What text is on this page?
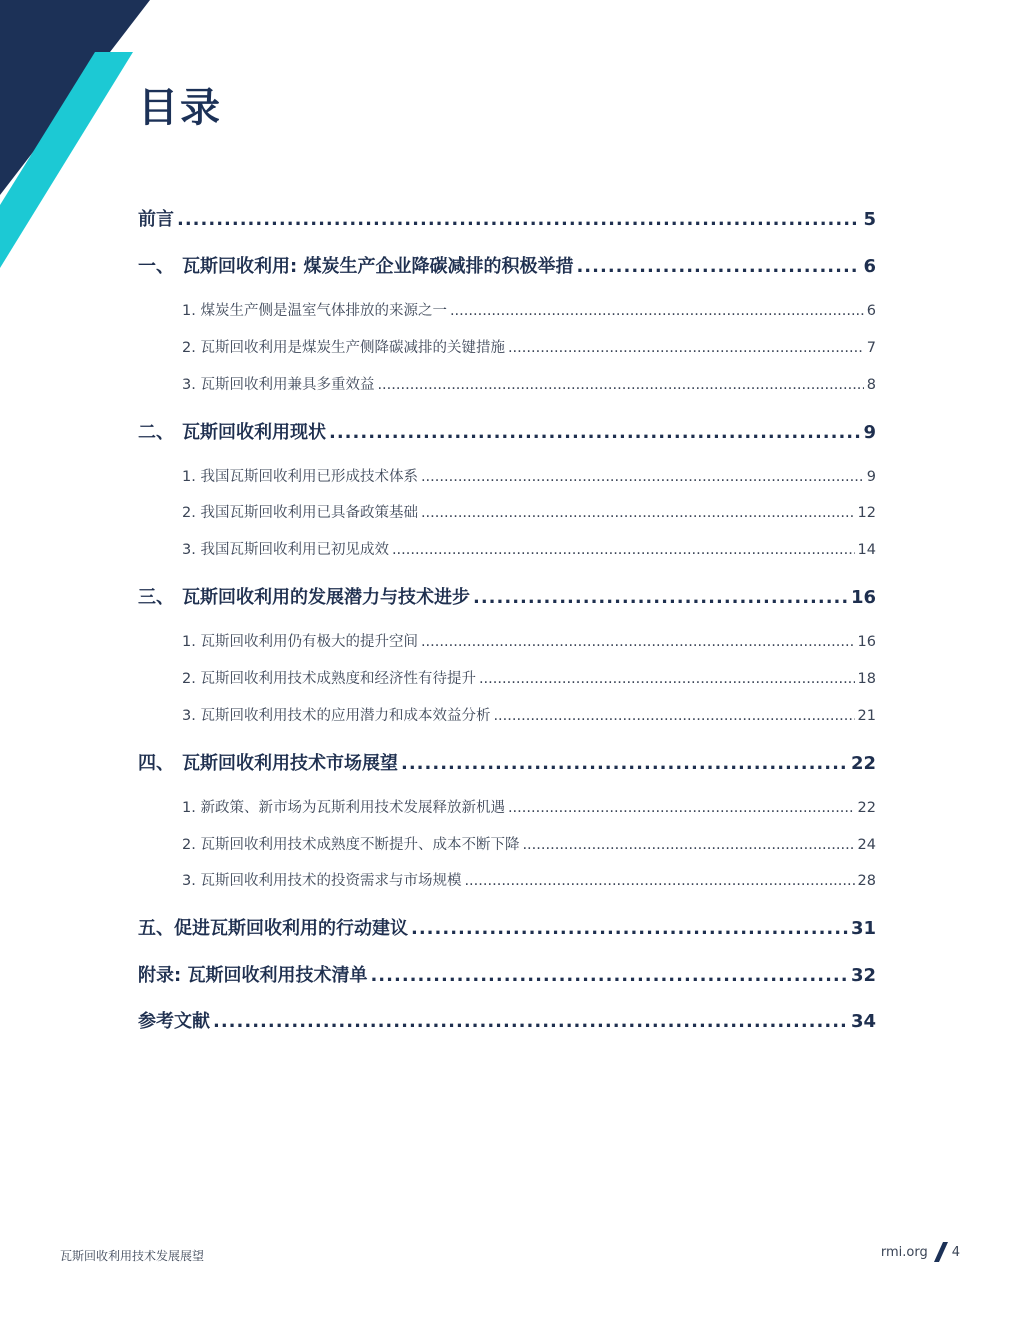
目录
前言 .....	5
一、 瓦斯回收利用: 煤炭生产企业降碳减排的积极举措 .....	6
1. 煤炭生产侧是温室气体排放的来源之一 .....	6
2. 瓦斯回收利用是煤炭生产侧降碳减排的关键措施 .....	7
3. 瓦斯回收利用兼具多重效益 .....	8
二、 瓦斯回收利用现状 .....	9
1. 我国瓦斯回收利用已形成技术体系 .....	9
2. 我国瓦斯回收利用已具备政策基础 .....	12
3. 我国瓦斯回收利用已初见成效 .....	14
三、 瓦斯回收利用的发展潜力与技术进步 .....	16
1. 瓦斯回收利用仍有极大的提升空间 .....	16
2. 瓦斯回收利用技术成熟度和经济性有待提升 .....	18
3. 瓦斯回收利用技术的应用潜力和成本效益分析 .....	21
四、 瓦斯回收利用技术市场展望 .....	22
1. 新政策、新市场为瓦斯利用技术发展释放新机遇 .....	22
2. 瓦斯回收利用技术成熟度不断提升、成本不断下降 .....	24
3. 瓦斯回收利用技术的投资需求与市场规模 .....	28
五、促进瓦斯回收利用的行动建议 .....	31
附录: 瓦斯回收利用技术清单 .....	32
参考文献 .....	34
瓦斯回收利用技术发展展望	rmi.org 4
